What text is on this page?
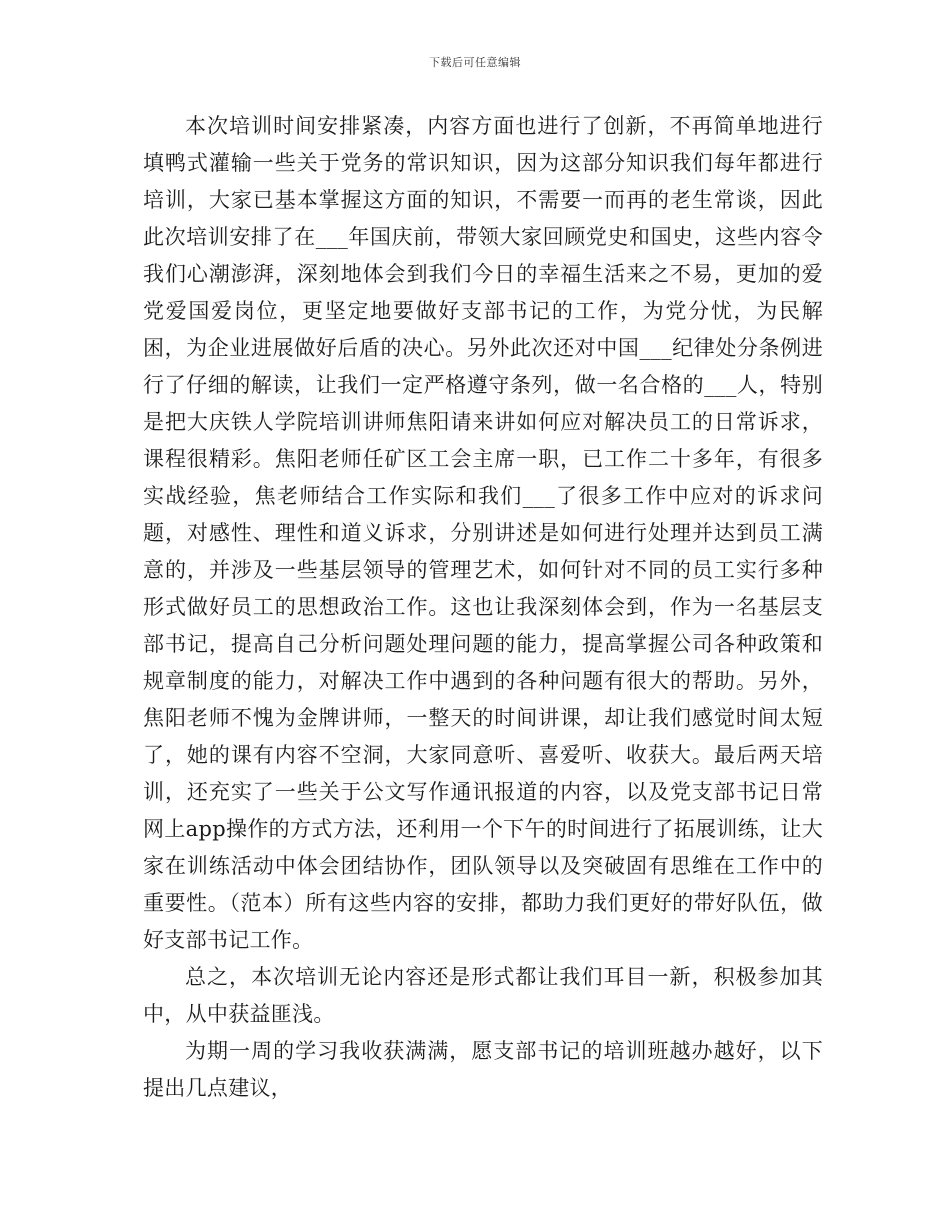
下载后可任意编辑

本次培训时间安排紧凑，内容方面也进行了创新，不再简单地进行填鸭式灌输一些关于党务的常识知识，因为这部分知识我们每年都进行培训，大家已基本掌握这方面的知识，不需要一而再的老生常谈，因此此次培训安排了在___年国庆前，带领大家回顾党史和国史，这些内容令我们心潮澎湃，深刻地体会到我们今日的幸福生活来之不易，更加的爱党爱国爱岗位，更坚定地要做好支部书记的工作，为党分忧，为民解困，为企业进展做好后盾的决心。另外此次还对中国___纪律处分条例进行了仔细的解读，让我们一定严格遵守条列，做一名合格的___人，特别是把大庆铁人学院培训讲师焦阳请来讲如何应对解决员工的日常诉求，课程很精彩。焦阳老师任矿区工会主席一职，已工作二十多年，有很多实战经验，焦老师结合工作实际和我们___了很多工作中应对的诉求问题，对感性、理性和道义诉求，分别讲述是如何进行处理并达到员工满意的，并涉及一些基层领导的管理艺术，如何针对不同的员工实行多种形式做好员工的思想政治工作。这也让我深刻体会到，作为一名基层支部书记，提高自己分析问题处理问题的能力，提高掌握公司各种政策和规章制度的能力，对解决工作中遇到的各种问题有很大的帮助。另外，焦阳老师不愧为金牌讲师，一整天的时间讲课，却让我们感觉时间太短了，她的课有内容不空洞，大家同意听、喜爱听、收获大。最后两天培训，还充实了一些关于公文写作通讯报道的内容，以及党支部书记日常网上app操作的方式方法，还利用一个下午的时间进行了拓展训练，让大家在训练活动中体会团结协作，团队领导以及突破固有思维在工作中的重要性。（范本）所有这些内容的安排，都助力我们更好的带好队伍，做好支部书记工作。

总之，本次培训无论内容还是形式都让我们耳目一新，积极参加其中，从中获益匪浅。

为期一周的学习我收获满满，愿支部书记的培训班越办越好，以下提出几点建议，
